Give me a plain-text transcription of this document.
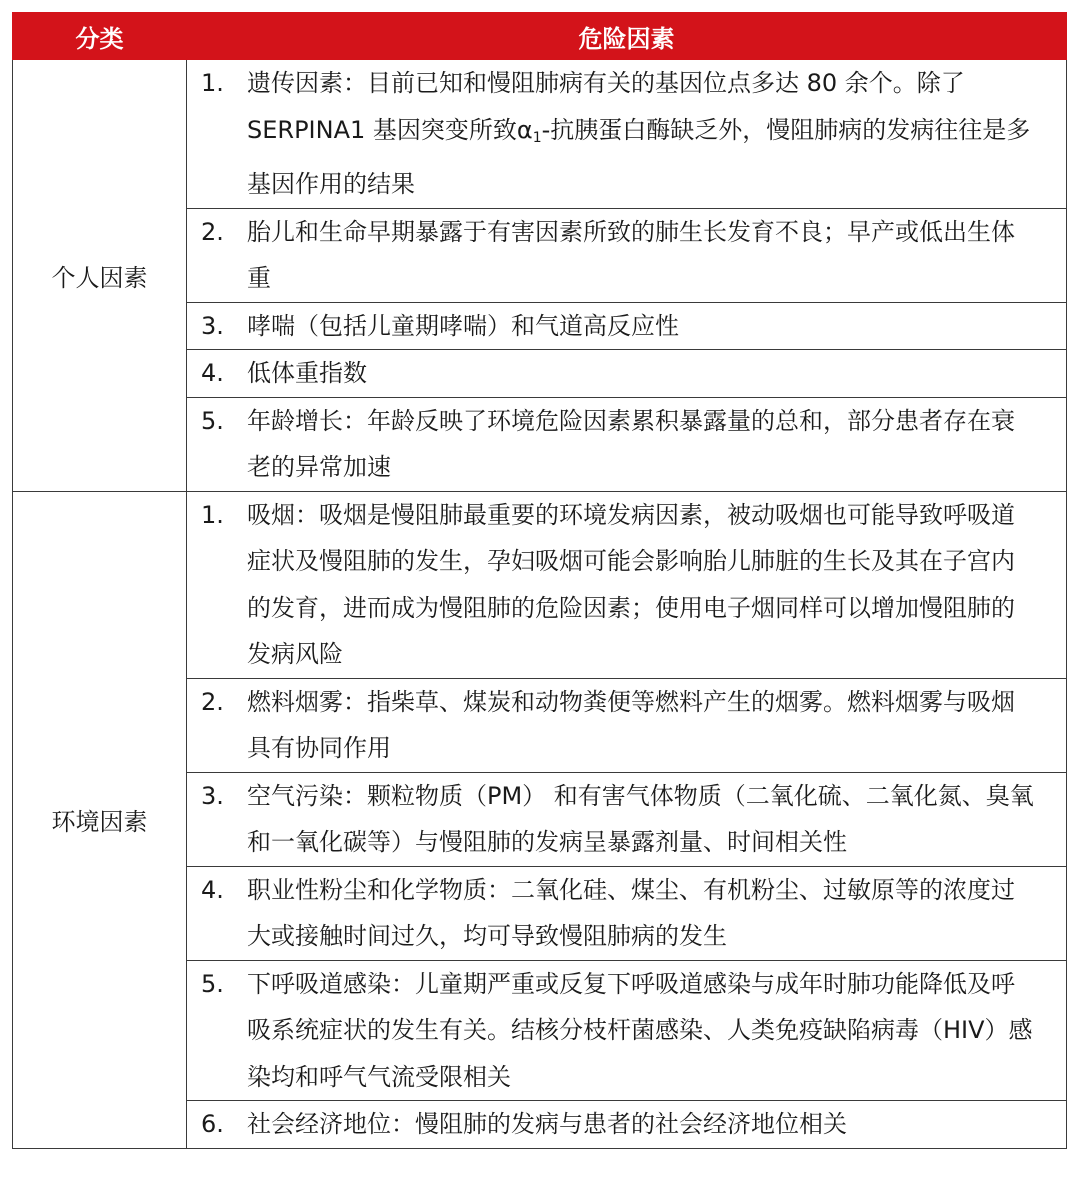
分类	危险因素
个人因素	1. 遗传因素：目前已知和慢阻肺病有关的基因位点多达 80 余个。除了 SERPINA1 基因突变所致$\alpha_1-$抗胰蛋白酶缺乏外，慢阻肺病的发病往往是多基因作用的结果

	2. 胎儿和生命早期暴露于有害因素所致的肺生长发育不良；早产或低出生体重

	3. 哮喘（包括儿童期哮喘）和气道高反应性

	4. 低体重指数

	5. 年龄增长：年龄反映了环境危险因素累积暴露量的总和，部分患者存在衰老的异常加速

环境因素	1. 吸烟：吸烟是慢阻肺最重要的环境发病因素，被动吸烟也可能导致呼吸道症状及慢阻肺的发生，孕妇吸烟可能会影响胎儿肺脏的生长及其在子宫内的发育，进而成为慢阻肺的危险因素；使用电子烟同样可以增加慢阻肺的发病风险

	2. 燃料烟雾：指柴草、煤炭和动物粪便等燃料产生的烟雾。燃料烟雾与吸烟具有协同作用

	3. 空气污染：颗粒物质（PM） 和有害气体物质（二氧化硫、二氧化氮、臭氧和一氧化碳等）与慢阻肺的发病呈暴露剂量、时间相关性

	4. 职业性粉尘和化学物质：二氧化硅、煤尘、有机粉尘、过敏原等的浓度过大或接触时间过久，均可导致慢阻肺病的发生

	5. 下呼吸道感染：儿童期严重或反复下呼吸道感染与成年时肺功能降低及呼吸系统症状的发生有关。结核分枝杆菌感染、人类免疫缺陷病毒（HIV）感染均和呼气气流受限相关

	6. 社会经济地位：慢阻肺的发病与患者的社会经济地位相关
